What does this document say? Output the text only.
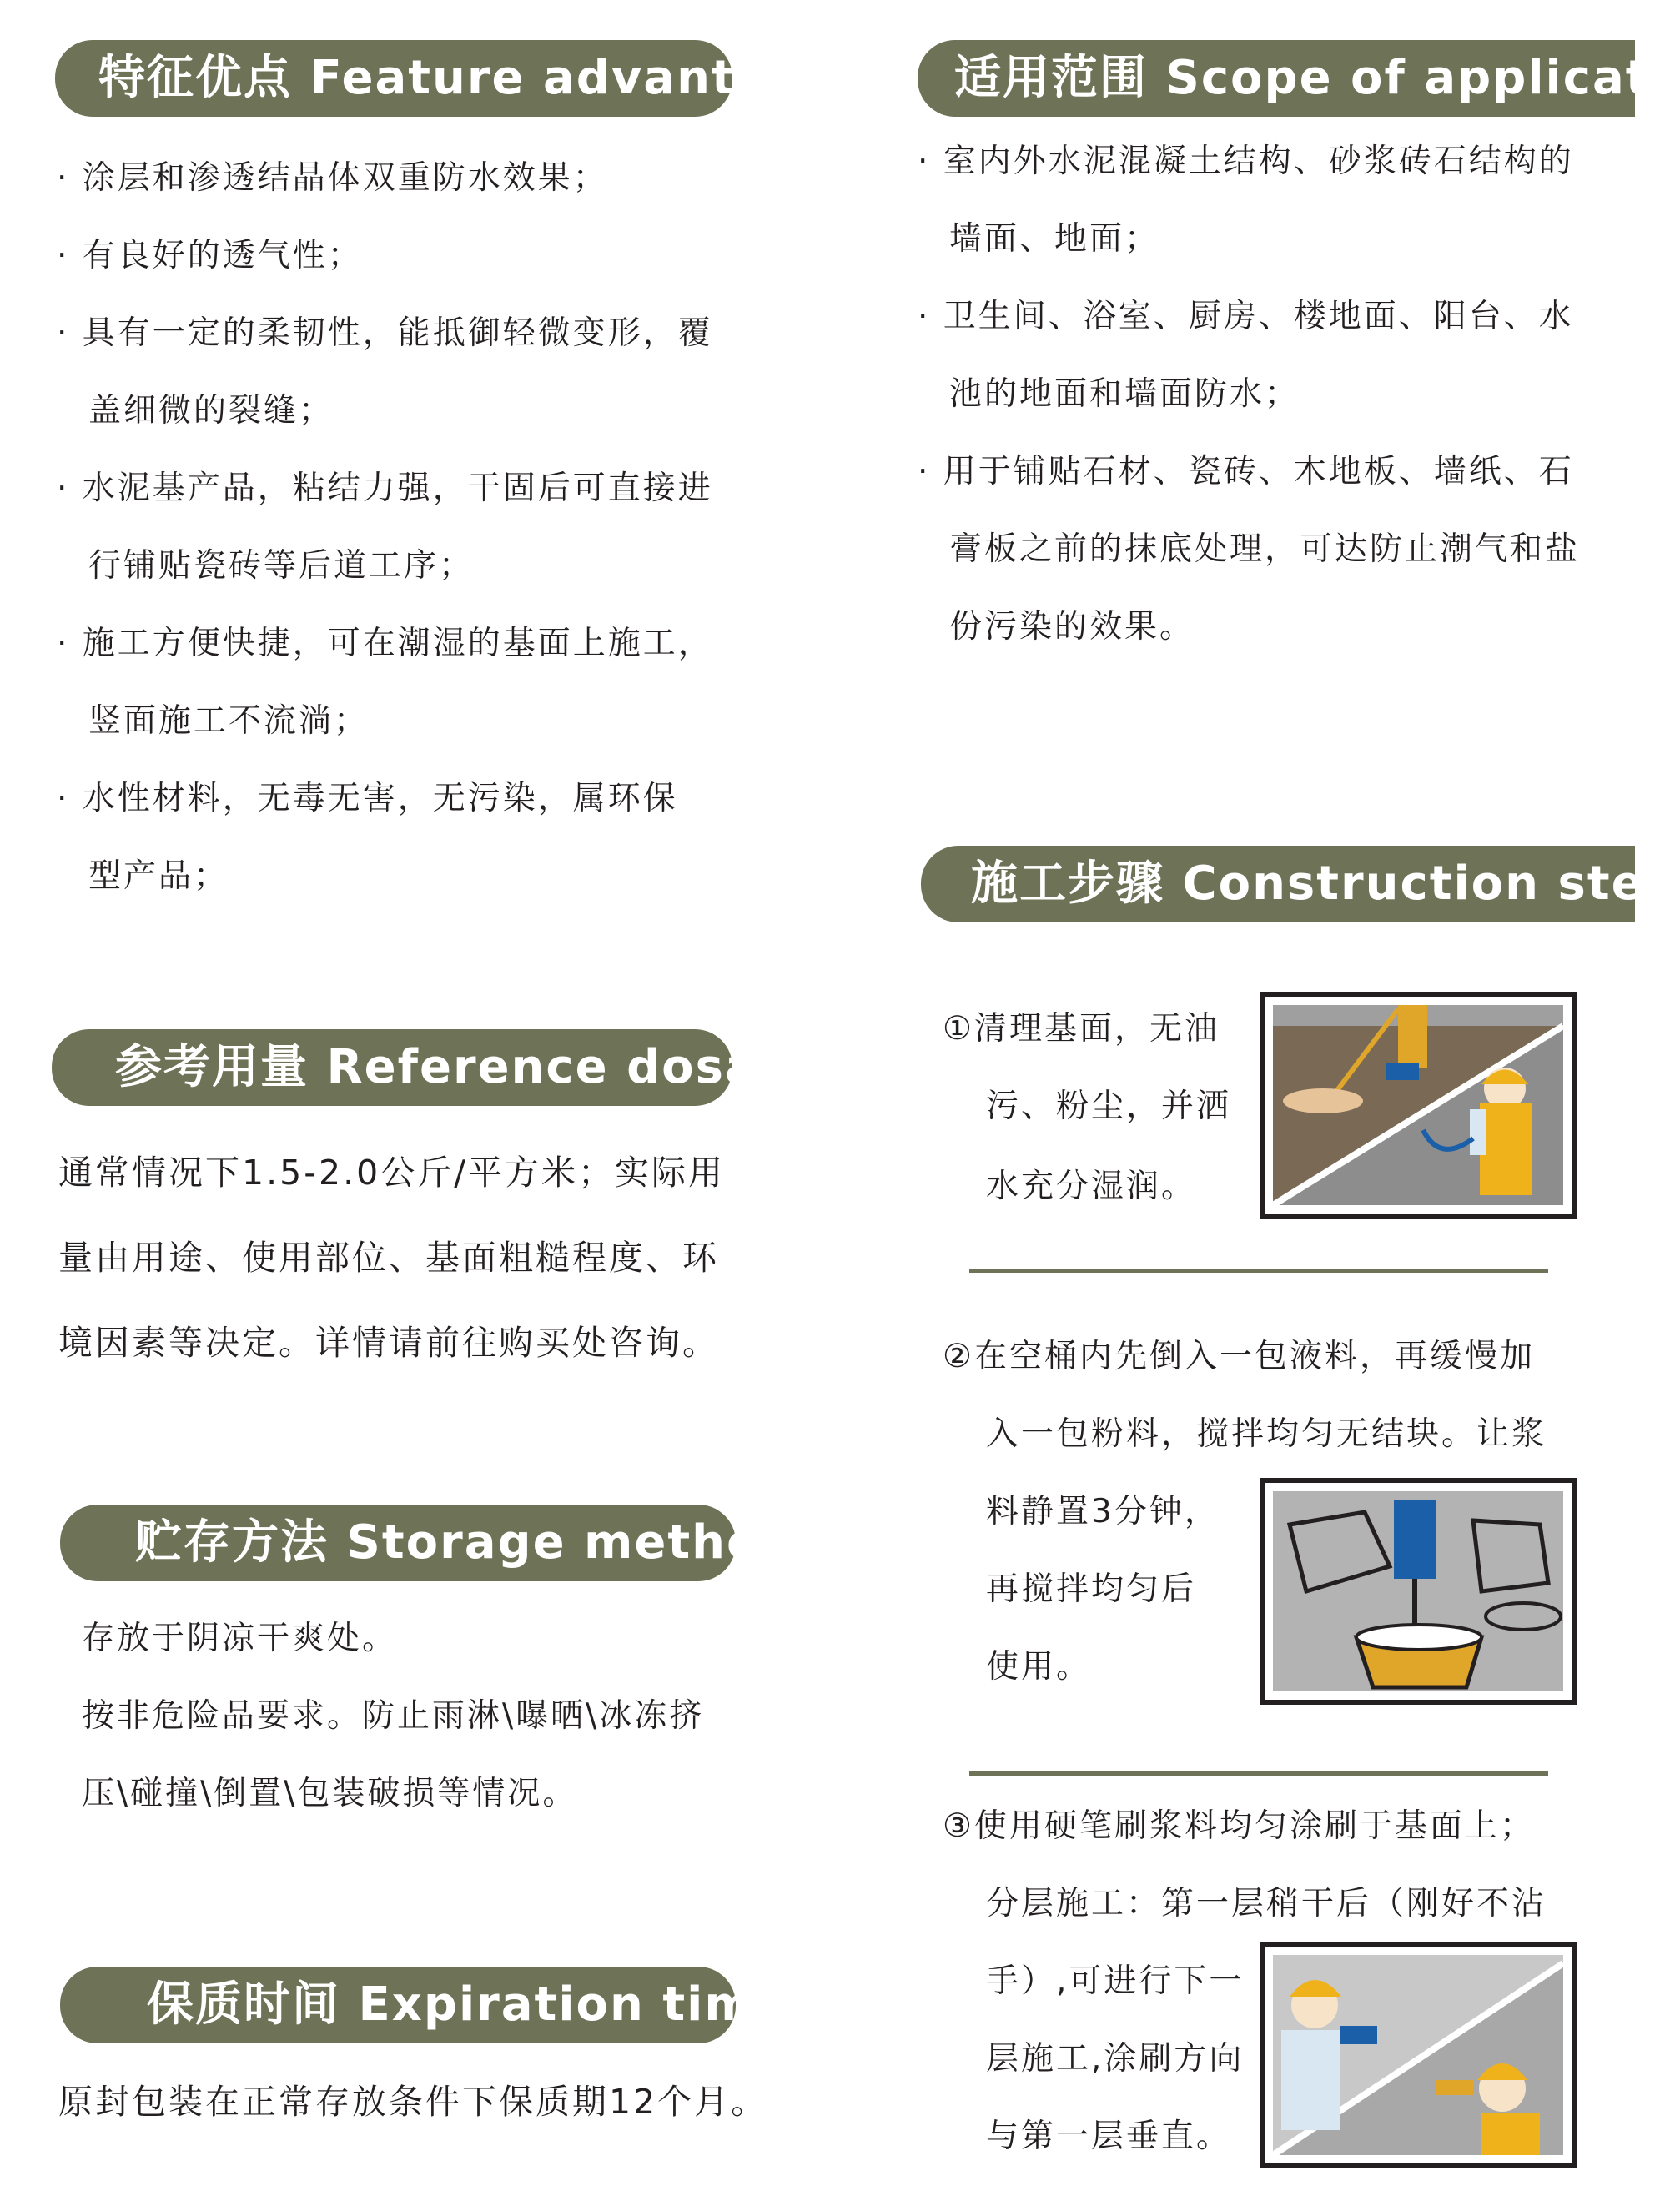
特征优点 Feature advantag
· 涂层和渗透结晶体双重防水效果；
· 有良好的透气性；
· 具有一定的柔韧性，能抵御轻微变形，覆
盖细微的裂缝；
· 水泥基产品，粘结力强，干固后可直接进
行铺贴瓷砖等后道工序；
· 施工方便快捷，可在潮湿的基面上施工，
竖面施工不流淌；
· 水性材料，无毒无害，无污染，属环保
型产品；
参考用量 Reference dosag
通常情况下1.5-2.0公斤/平方米；实际用
量由用途、使用部位、基面粗糙程度、环
境因素等决定。详情请前往购买处咨询。
贮存方法 Storage method
存放于阴凉干爽处。
按非危险品要求。防止雨淋\曝晒\冰冻挤
压\碰撞\倒置\包装破损等情况。
保质时间 Expiration time
原封包装在正常存放条件下保质期12个月。
适用范围 Scope of applicati
· 室内外水泥混凝土结构、砂浆砖石结构的
墙面、地面；
· 卫生间、浴室、厨房、楼地面、阳台、水
池的地面和墙面防水；
· 用于铺贴石材、瓷砖、木地板、墙纸、石
膏板之前的抹底处理，可达防止潮气和盐
份污染的效果。
施工步骤 Construction step
①清理基面，无油
污、粉尘，并洒
水充分湿润。
②在空桶内先倒入一包液料，再缓慢加
入一包粉料，搅拌均匀无结块。让浆
料静置3分钟，
再搅拌均匀后
使用。
③使用硬笔刷浆料均匀涂刷于基面上；
分层施工：第一层稍干后（刚好不沾
手）,可进行下一
层施工,涂刷方向
与第一层垂直。
